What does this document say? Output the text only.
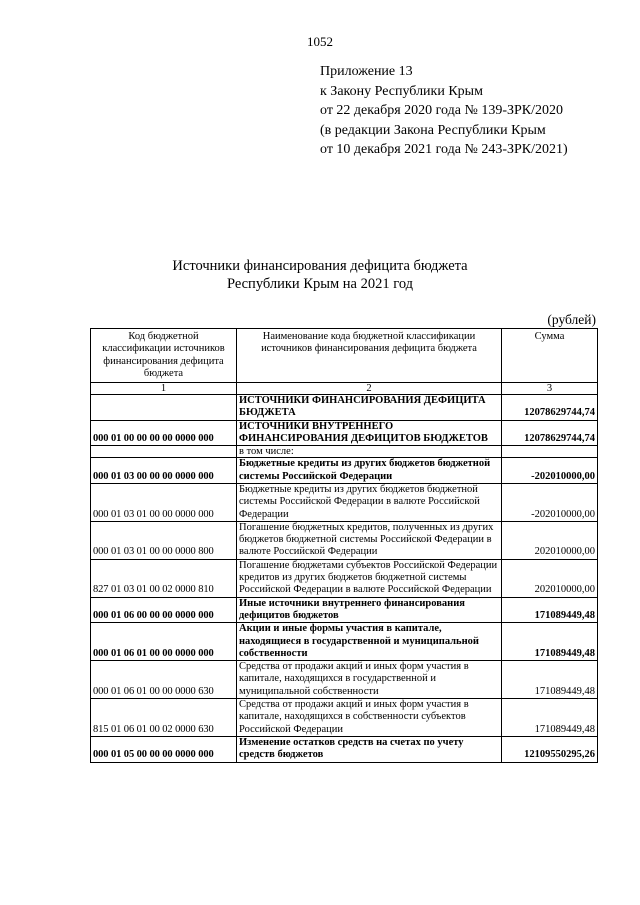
1052
Приложение 13
к Закону Республики Крым
от 22 декабря 2020 года № 139-ЗРК/2020
(в редакции Закона Республики Крым
от 10 декабря 2021 года № 243-ЗРК/2021)
Источники финансирования дефицита бюджета
Республики Крым на 2021 год
(рублей)
Код бюджетной классификации источников финансирования дефицита бюджета	Наименование кода бюджетной классификации источников финансирования дефицита бюджета	Сумма
1	2	3
	ИСТОЧНИКИ ФИНАНСИРОВАНИЯ ДЕФИЦИТА БЮДЖЕТА	12078629744,74
000 01 00 00 00 00 0000 000	ИСТОЧНИКИ ВНУТРЕННЕГО ФИНАНСИРОВАНИЯ ДЕФИЦИТОВ БЮДЖЕТОВ	12078629744,74
	в том числе:	
000 01 03 00 00 00 0000 000	Бюджетные кредиты из других бюджетов бюджетной системы Российской Федерации	-202010000,00
000 01 03 01 00 00 0000 000	Бюджетные кредиты из других бюджетов бюджетной системы Российской Федерации в валюте Российской Федерации	-202010000,00
000 01 03 01 00 00 0000 800	Погашение бюджетных кредитов, полученных из других бюджетов бюджетной системы Российской Федерации в валюте Российской Федерации	202010000,00
827 01 03 01 00 02 0000 810	Погашение бюджетами субъектов Российской Федерации кредитов из других бюджетов бюджетной системы Российской Федерации в валюте Российской Федерации	202010000,00
000 01 06 00 00 00 0000 000	Иные источники внутреннего финансирования дефицитов бюджетов	171089449,48
000 01 06 01 00 00 0000 000	Акции и иные формы участия в капитале, находящиеся в государственной и муниципальной собственности	171089449,48
000 01 06 01 00 00 0000 630	Средства от продажи акций и иных форм участия в капитале, находящихся в государственной и муниципальной собственности	171089449,48
815 01 06 01 00 02 0000 630	Средства от продажи акций и иных форм участия в капитале, находящихся в собственности субъектов Российской Федерации	171089449,48
000 01 05 00 00 00 0000 000	Изменение остатков средств на счетах по учету средств бюджетов	12109550295,26
